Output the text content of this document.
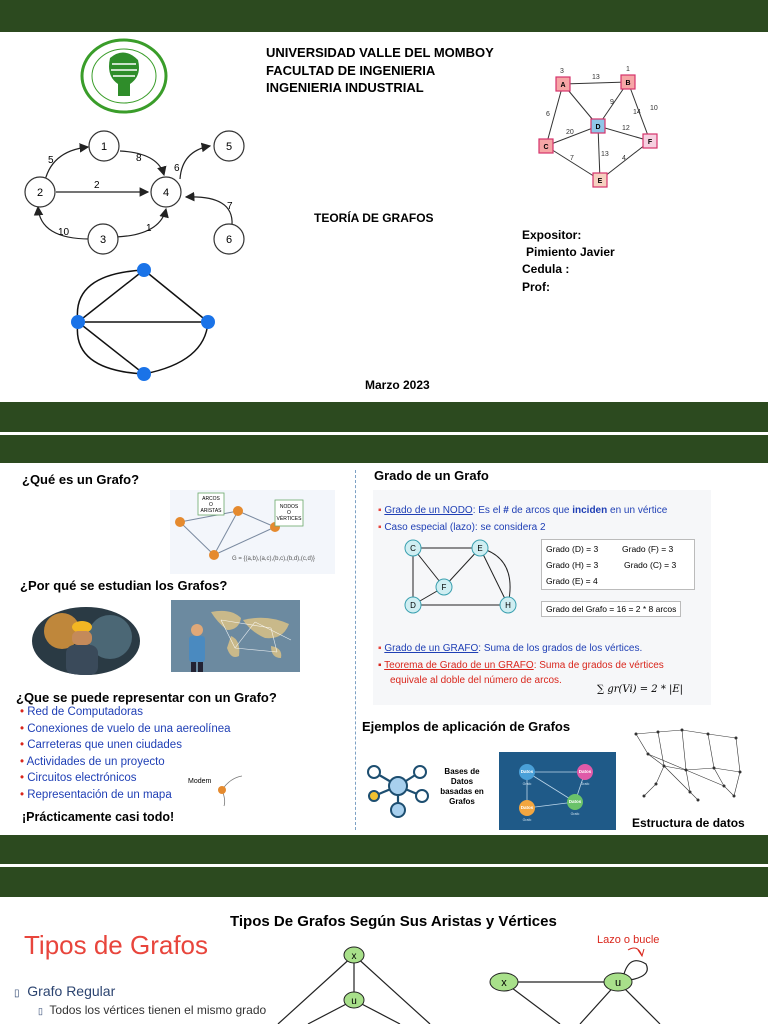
UNIVERSIDAD VALLE DEL MOMBOY
FACULTAD DE INGENIERIA
INGENIERIA INDUSTRIAL
5	8
2
6
10	1
7
1
2
3
4
5
6
TEORÍA DE GRAFOS
Expositor:
Pimiento Javier
Cedula :
Prof:
Marzo 2023
13
6
9
14
10
20
12
7
13
4
3	1
A	B
C
D
E
F
¿Qué es un Grafo?
ARCOS
O
ARISTAS
NODOS
O
VÉRTICES
G = {(a,b),(a,c),(b,c),(b,d),(c,d)}
¿Por qué se estudian los Grafos?
¿Que se puede representar con un Grafo?
• Red de Computadoras
• Conexiones de vuelo de una aereolínea
• Carreteras que unen ciudades
• Actividades de un proyecto
• Circuitos electrónicos
• Representación de un mapa
Modem
¡Prácticamente casi todo!
Grado de un Grafo
▪ Grado de un NODO: Es el # de arcos que inciden en un vértice
▪ Caso especial (lazo): se considera 2
C	E
F
D	H
Grado (D) = 3	Grado (F) = 3
Grado (H) = 3	Grado (C) = 3
Grado (E) = 4
Grado del Grafo = 16 = 2 * 8 arcos
▪ Grado de un GRAFO: Suma de los grados de los vértices.
▪ Teorema de Grado de un GRAFO: Suma de grados de vértices
equivale al doble del número de arcos.
∑ gr(Vi) = 2 * |E|
Ejemplos de aplicación de Grafos
Bases de
Datos
basadas en
Grafos
Datos	Datos
Datos
Datos
Grafo	Grafo
Grafo
Grafo
Estructura de datos
Tipos De Grafos Según Sus Aristas y Vértices
Tipos de Grafos
▯ Grafo Regular
▯ Todos los vértices tienen el mismo grado
x
u
Lazo o bucle
x	u
